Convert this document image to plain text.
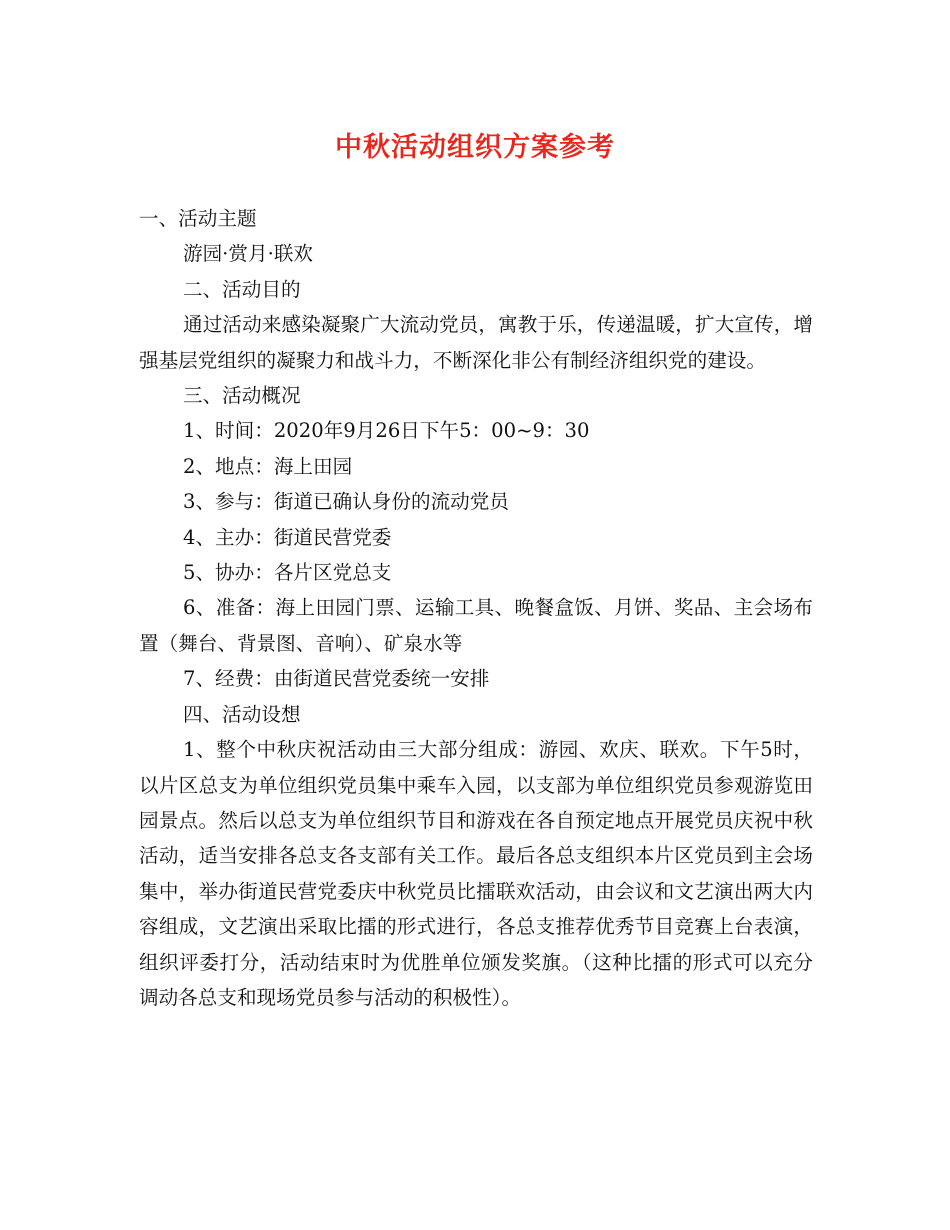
中秋活动组织方案参考

一、活动主题

游园·赏月·联欢

二、活动目的

通过活动来感染凝聚广大流动党员，寓教于乐，传递温暖，扩大宣传，增强基层党组织的凝聚力和战斗力，不断深化非公有制经济组织党的建设。

三、活动概况

1、时间：2020年9月26日下午5：00~9：30

2、地点：海上田园

3、参与：街道已确认身份的流动党员

4、主办：街道民营党委

5、协办：各片区党总支

6、准备：海上田园门票、运输工具、晚餐盒饭、月饼、奖品、主会场布置（舞台、背景图、音响）、矿泉水等

7、经费：由街道民营党委统一安排

四、活动设想

1、整个中秋庆祝活动由三大部分组成：游园、欢庆、联欢。下午5时，以片区总支为单位组织党员集中乘车入园，以支部为单位组织党员参观游览田园景点。然后以总支为单位组织节目和游戏在各自预定地点开展党员庆祝中秋活动，适当安排各总支各支部有关工作。最后各总支组织本片区党员到主会场集中，举办街道民营党委庆中秋党员比擂联欢活动，由会议和文艺演出两大内容组成，文艺演出采取比擂的形式进行，各总支推荐优秀节目竞赛上台表演，组织评委打分，活动结束时为优胜单位颁发奖旗。（这种比擂的形式可以充分调动各总支和现场党员参与活动的积极性）。
